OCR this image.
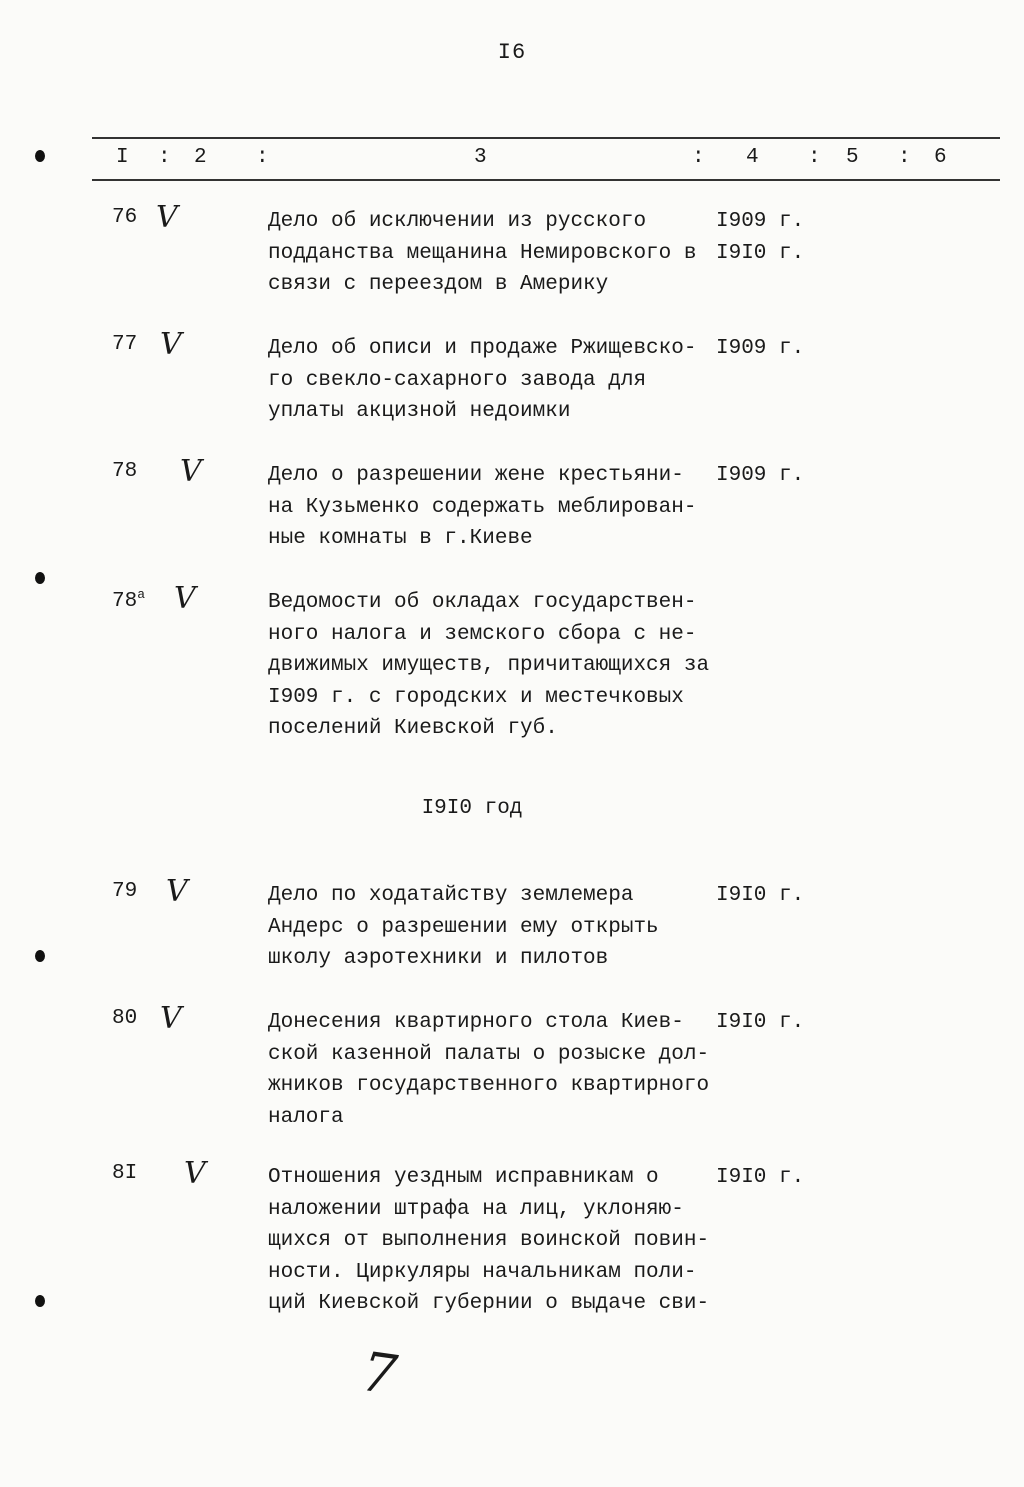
I6
I : 2 :	3	: 4 : 5 : 6
76 V	Дело об исключении из русского
подданства мещанина Немировского в
связи с переездом в Америку
I909 г.
I9I0 г.
77 V	Дело об описи и продаже Ржищевско-
го свекло-сахарного завода для
уплаты акцизной недоимки
I909 г.
78 V	Дело о разрешении жене крестьяни-
на Кузьменко содержать меблирован-
ные комнаты в г.Киеве
I909 г.
78$^a$ V	Ведомости об окладах государствен-
ного налога и земского сбора с не-
движимых имуществ, причитающихся за
I909 г. с городских и местечковых
поселений Киевской губ.
I9I0 год
79 V	Дело по ходатайству землемера
Андерс о разрешении ему открыть
школу аэротехники и пилотов
I9I0 г.
80 V	Донесения квартирного стола Киев-
ской казенной палаты о розыске дол-
жников государственного квартирного
налога
I9I0 г.
8I V	Отношения уездным исправникам о
наложении штрафа на лиц, уклоняю-
щихся от выполнения воинской повин-
ности. Циркуляры начальникам поли-
ций Киевской губернии о выдаче сви-
I9I0 г.
7
